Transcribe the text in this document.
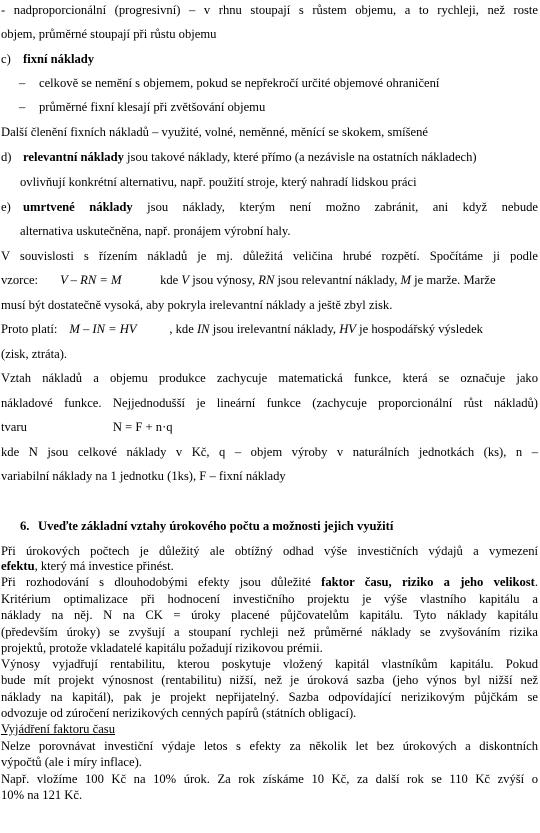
- nadproporcionální (progresivní) – v rhnu stoupají s růstem objemu, a to rychleji, než roste
objem, průměrné stoupají při růstu objemu
c) fixní náklady
– celkově se nemění s objemem, pokud se nepřekročí určité objemové ohraničení
– průměrné fixní klesají při zvětšování objemu
Další členění fixních nákladů – využité, volné, neměnné, měnící se skokem, smíšené
d) relevantní náklady jsou takové náklady, které přímo (a nezávisle na ostatních nákladech)
ovlivňují konkrétní alternativu, např. použití stroje, který nahradí lidskou práci
e) umrtvené náklady jsou náklady, kterým není možno zabránit, ani když nebude
alternativa uskutečněna, např. pronájem výrobní haly.
V souvislosti s řízením nákladů je mj. důležitá veličina hrubé rozpětí. Spočítáme ji podle
vzorce: V – RN = M	kde V jsou výnosy, RN jsou relevantní náklady, M je marže. Marže
musí být dostatečně vysoká, aby pokryla irelevantní náklady a ještě zbyl zisk.
Proto platí: M – IN = HV	, kde IN jsou irelevantní náklady, HV je hospodářský výsledek
(zisk, ztráta).
Vztah nákladů a objemu produkce zachycuje matematická funkce, která se označuje jako
nákladové funkce. Nejjednodušší je lineární funkce (zachycuje proporcionální růst nákladů)
tvaru	N = F + n·q
kde N jsou celkové náklady v Kč, q – objem výroby v naturálních jednotkách (ks), n –
variabilní náklady na 1 jednotku (1ks), F – fixní náklady
6. Uveďte základní vztahy úrokového počtu a možnosti jejich využití
Při úrokových počtech je důležitý ale obtížný odhad výše investičních výdajů a vymezení
efektu, který má investice přinést.
Při rozhodování s dlouhodobými efekty jsou důležité faktor času, riziko a jeho velikost.
Kritérium optimalizace při hodnocení investičního projektu je výše vlastního kapitálu a
náklady na něj. N na CK = úroky placené půjčovatelům kapitálu. Tyto náklady kapitálu
(především úroky) se zvyšují a stoupaní rychleji než průměrné náklady se zvyšováním rizika
projektů, protože vkladatelé kapitálu požadují rizikovou prémii.
Výnosy vyjadřují rentabilitu, kterou poskytuje vložený kapitál vlastníkům kapitálu. Pokud
bude mít projekt výnosnost (rentabilitu) nižší, než je úroková sazba (jeho výnos byl nižší než
náklady na kapitál), pak je projekt nepřijatelný. Sazba odpovídající nerizikovým půjčkám se
odvozuje od zúročení nerizikových cenných papírů (státních obligací).
Vyjádření faktoru času
Nelze porovnávat investiční výdaje letos s efekty za několik let bez úrokových a diskontních
výpočtů (ale i míry inflace).
Např. vložíme 100 Kč na 10% úrok. Za rok získáme 10 Kč, za další rok se 110 Kč zvýší o
10% na 121 Kč.
